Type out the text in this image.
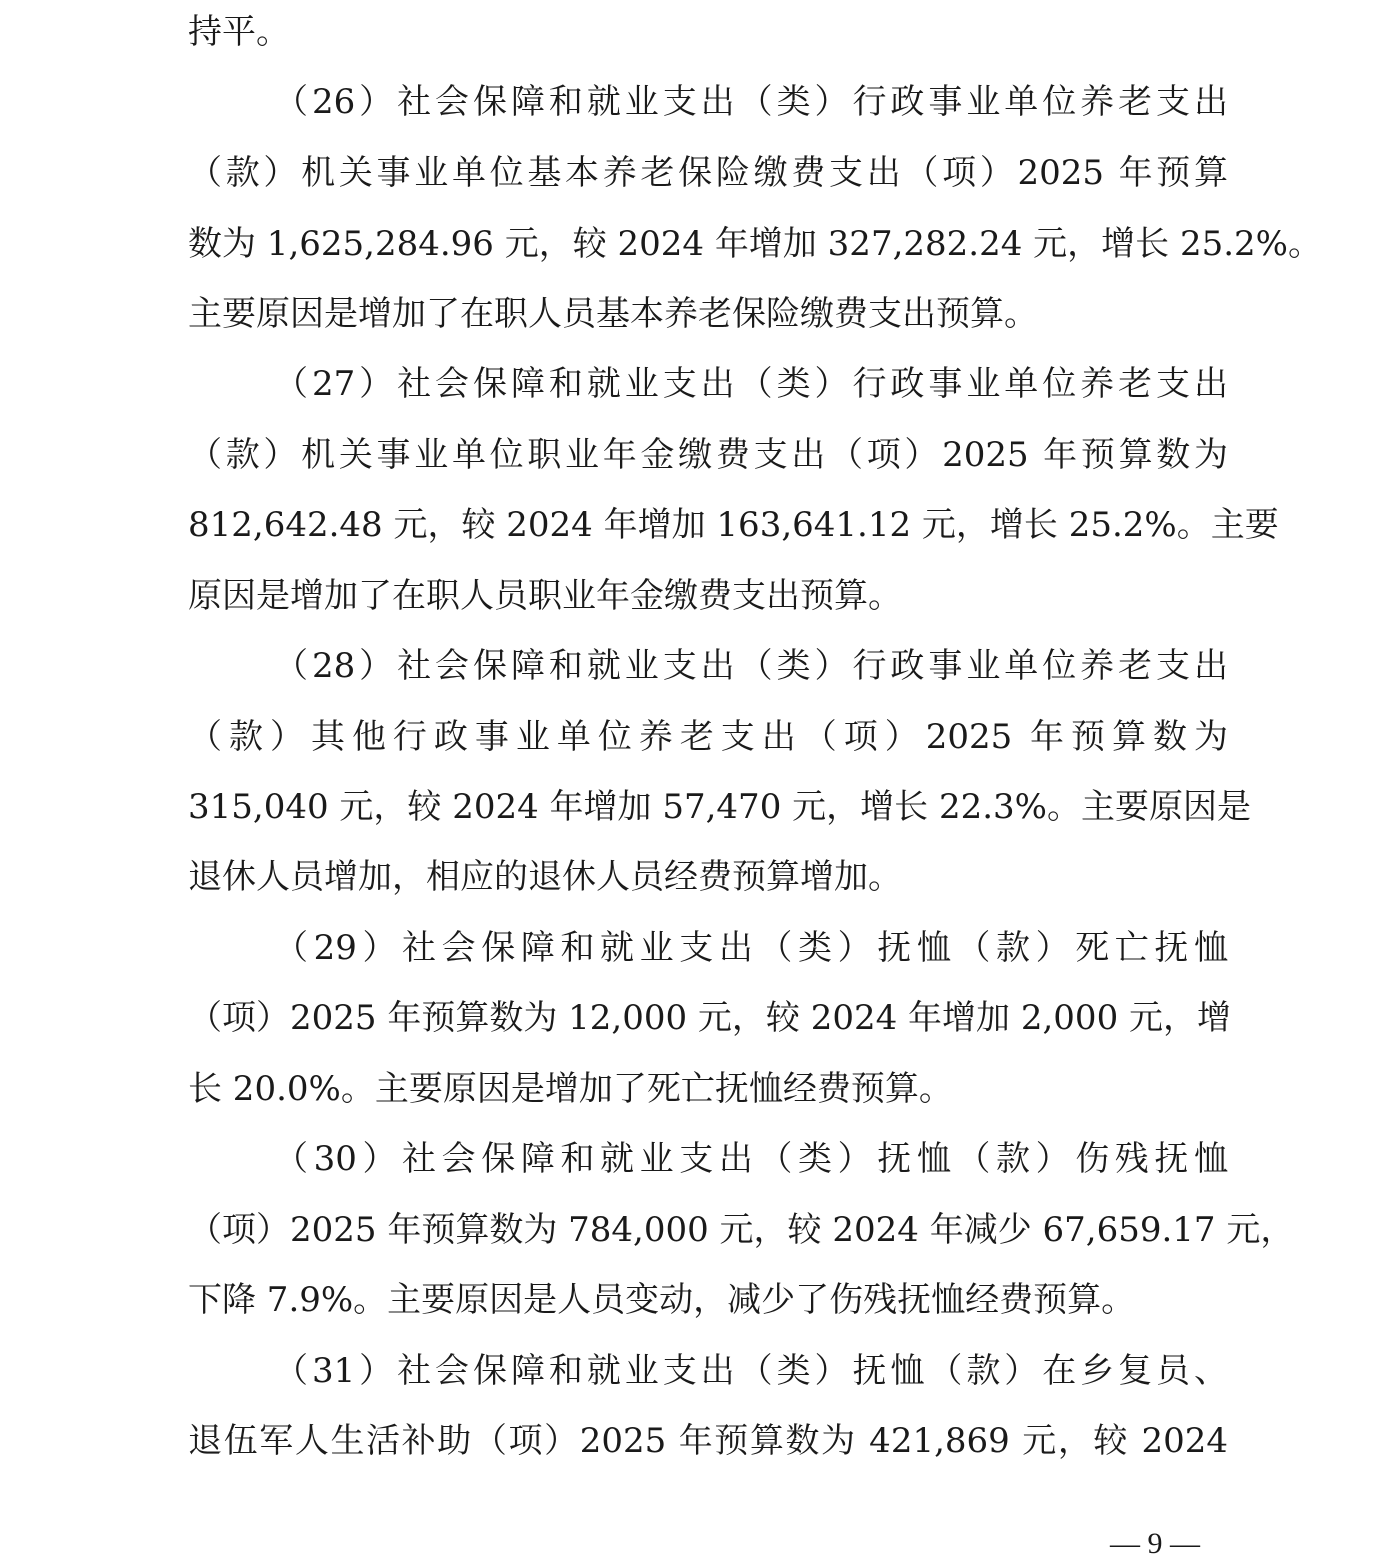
持平。
（26）社会保障和就业支出（类）行政事业单位养老支出
（款）机关事业单位基本养老保险缴费支出（项）2025 年预算
数为 1,625,284.96 元，较 2024 年增加 327,282.24 元，增长 25.2%。
主要原因是增加了在职人员基本养老保险缴费支出预算。
（27）社会保障和就业支出（类）行政事业单位养老支出
（款）机关事业单位职业年金缴费支出（项）2025 年预算数为
812,642.48 元，较 2024 年增加 163,641.12 元，增长 25.2%。主要
原因是增加了在职人员职业年金缴费支出预算。
（28）社会保障和就业支出（类）行政事业单位养老支出
（款）其他行政事业单位养老支出（项）2025 年预算数为
315,040 元，较 2024 年增加 57,470 元，增长 22.3%。主要原因是
退休人员增加，相应的退休人员经费预算增加。
（29）社会保障和就业支出（类）抚恤（款）死亡抚恤
（项）2025 年预算数为 12,000 元，较 2024 年增加 2,000 元，增
长 20.0%。主要原因是增加了死亡抚恤经费预算。
（30）社会保障和就业支出（类）抚恤（款）伤残抚恤
（项）2025 年预算数为 784,000 元，较 2024 年减少 67,659.17 元，
下降 7.9%。主要原因是人员变动，减少了伤残抚恤经费预算。
（31）社会保障和就业支出（类）抚恤（款）在乡复员、
退伍军人生活补助（项）2025 年预算数为 421,869 元，较 2024
— 9 —
